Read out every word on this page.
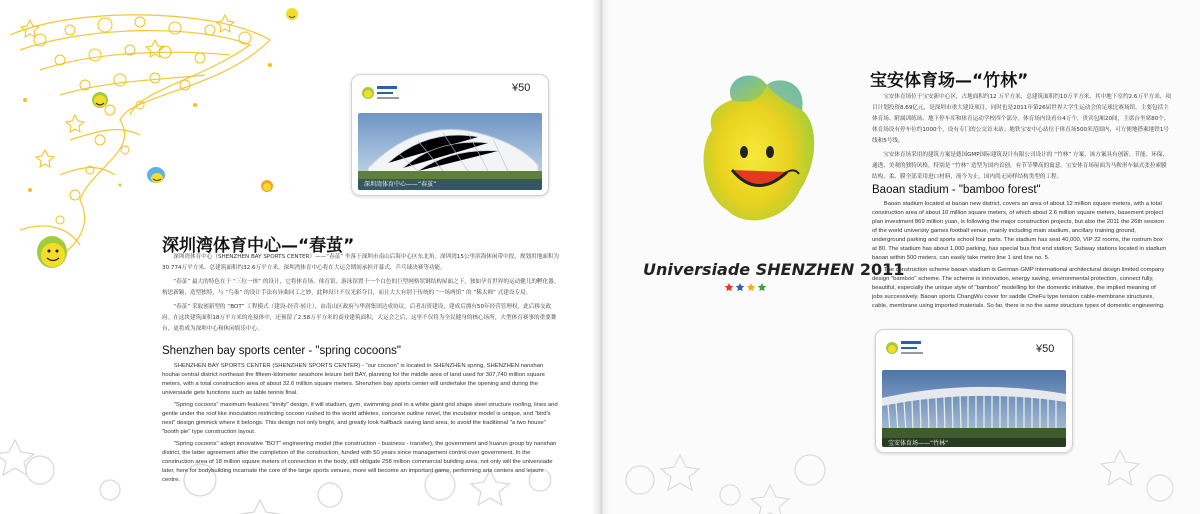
¥50
深圳湾体育中心——“春茧”
深圳湾体育中心—“春茧”

深圳湾体育中心（SHENZHEN BAY SPORTS CENTER）——“春茧” 坐落于深圳市南山后海中心区东北角，深圳湾15公里滨海休闲带中段，规划用地面积为30.774万平方米，总建筑面积约32.6万平方米。深圳湾体育中心将在大运会期间承担开幕式、乒乓球决赛等功能。

“春茧” 最大的特色在于 “三位一体” 的设计，它将体育场、体育馆、游泳馆置于一个白色的巨型网格状钢结构屋面之下，独如孕育世界的运动健儿的孵化器。构思新颖，造型独特，与 “鸟巢” 的设计手法有异曲同工之妙，此种设计不仅光彩夺目，而且大大有别于传统的 “一场两馆” 的 “稀太师” 式建设专局。

“春茧” 采取创新型的 “BOT” 工程模式（建设-经营-转让），由南山区政府与华润集团达成协议，后者出资建设，建成后拥有50年经营管理权，此后移交政府。在这块建筑面积18万平方米的连接体中，还预留了2.58万平方米的商业建筑面积，大运会之后，这里不仅将为全民健身的核心场所，大型体育赛事的重要舞台，更将成为深圳中心和休闲娱乐中心。

Shenzhen bay sports center - "spring cocoons"

SHENZHEN BAY SPORTS CENTER (SHENZHEN SPORTS CENTER) - "our cocoon" is located in SHENZHEN spring, SHENZHEN nanshan houhai central district northeast the fifteen-kilometer seashore leisure belt BAY, planning for the middle area of land used for 307,740 million square meters, with a total construction area of about 32.6 million square meters. Shenzhen bay sports center will undertake the opening and during the universiade gets functions such as table tennis final.

"Spring cocoons" maximum features "trinity" design, it will stadium, gym, swimming pool in a white giant grid shape steel structure roofing, lines and gentle under the roof like inoculation restricting cocoon rushed to the world athletes, conceive outline novel, the incubator model is unique, and "bird's nest" design gimmick where it belongs. This design not only bright, and greatly look halfback saving land area, to avoid the traditional "a two house" "booth pie" type construction layout.

"Spring cocoons" adopt innovative "BOT" engineering model (the construction - business - transfer), the government and huarun group by nanshan district, the latter agreement after the completion of the construction, funded with 50 years since management control over government. In the construction area of 18 million square meters of connection in the body, still obligate 258 million commercial building area, not only will the universiade later, here for bodybuilding incarnate the core of the large sports venues, more will become an important game, performing arts centers and leisure centre.

Universiade SHENZHEN 2011
宝安体育场—“竹林”

宝安体育场位于宝安新中心区，占地面积约12 万平方米，总建筑面积约10万平方米，其中地下室约2.6万平方米，项目计划投资8.69亿元，是深圳市重大建设项目，同时也是2011年第26届世界大学生运动会的足球比赛场馆。主要包括主体育场、附属训练场、地下停车库和体育运动学校四个部分。体育场内设看台4万个，贵宾包厢20间，主席台坐席80个，体育场设有停车位约1000个，设有专门的公交首末站；地铁宝安中心站位于体育场500米范围内，可方便地搭乘地铁1号线和5号线。

宝安体育场采用的建筑方案是德国GMP国际建筑设计有限公司设计的 “竹林” 方案。该方案具有创新、节能、环保、通透、美观的独特风格，特别是 “竹林” 造型为国内首创，有节节攀高的寓意。宝安体育场屋面为马鞍形车辐式张拉索膜结构，柔、膜全部采用进口材料，流今为止，国内尚无同样结构类型的工程。

Baoan stadium - "bamboo forest"

Baoan stadium located at baoan new district, covers an area of about 12 million square meters, with a total construction area of about 10 million square meters, of which about 2.6 million square meters, basement project plan investment 869 million yuan, is following the major construction projects, but also the 2011 the 26th session of the world university games football venue, mainly including main stadium, ancillary training ground, underground parking and sports school four parts. The stadium has seat 40,000, VIP 22 rooms, the rostrum box at 80. The stadium has about 1,000 parking, has special bus first end station; Subway stations located in stadium baoan within 500 meters, can easily take metro line 1 and line no. 5.

The construction scheme baoan stadium is German GMP international architectural design limited company design "bamboo" scheme. The scheme is innovation, energy saving, environmental protection, connect fully, beautiful, especially the unique style of "bamboo" modelling for the domestic initiative, the implied meaning of jobs successively. Baoan sports ChangWu cover for saddle CheFu type tension cable-membrane structures, cable, membrane using imported materials. So far, there is no the same structure types of domestic engineering.

¥50
宝安体育场——“竹林”
